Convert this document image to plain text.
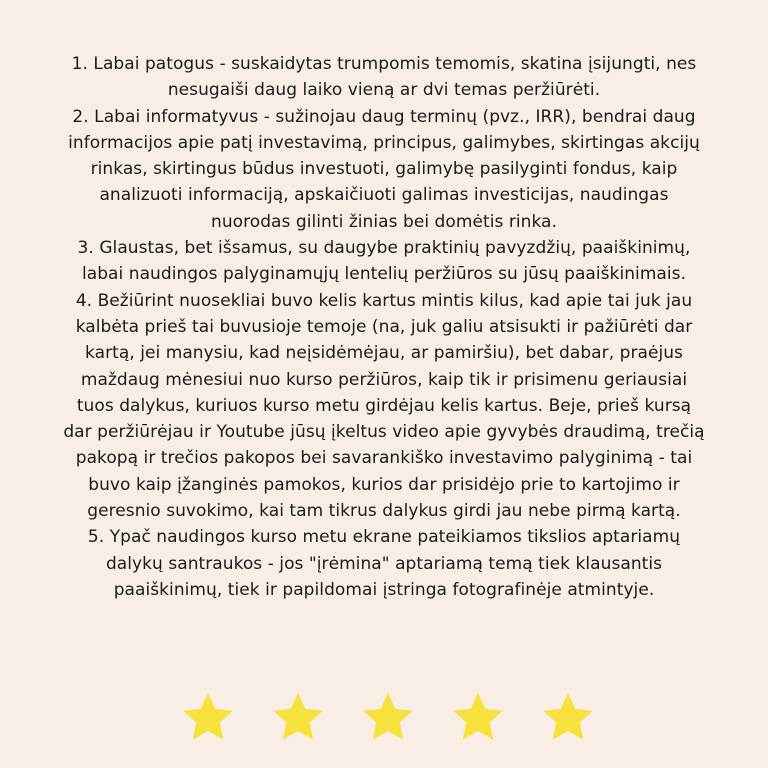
1. Labai patogus - suskaidytas trumpomis temomis, skatina įsijungti, nes nesugaiši daug laiko vieną ar dvi temas peržiūrėti.

2. Labai informatyvus - sužinojau daug terminų (pvz., IRR), bendrai daug informacijos apie patį investavimą, principus, galimybes, skirtingas akcijų rinkas, skirtingus būdus investuoti, galimybę pasilyginti fondus, kaip analizuoti informaciją, apskaičiuoti galimas investicijas, naudingas nuorodas gilinti žinias bei domėtis rinka.

3. Glaustas, bet išsamus, su daugybe praktinių pavyzdžių, paaiškinimų, labai naudingos palyginamųjų lentelių peržiūros su jūsų paaiškinimais.

4. Bežiūrint nuosekliai buvo kelis kartus mintis kilus, kad apie tai juk jau kalbėta prieš tai buvusioje temoje (na, juk galiu atsisukti ir pažiūrėti dar kartą, jei manysiu, kad neįsidėmėjau, ar pamiršiu), bet dabar, praėjus maždaug mėnesiui nuo kurso peržiūros, kaip tik ir prisimenu geriausiai tuos dalykus, kuriuos kurso metu girdėjau kelis kartus. Beje, prieš kursą dar peržiūrėjau ir Youtube jūsų įkeltus video apie gyvybės draudimą, trečią pakopą ir trečios pakopos bei savarankiško investavimo palyginimą - tai buvo kaip įžanginės pamokos, kurios dar prisidėjo prie to kartojimo ir geresnio suvokimo, kai tam tikrus dalykus girdi jau nebe pirmą kartą.

5. Ypač naudingos kurso metu ekrane pateikiamos tikslios aptariamų dalykų santraukos - jos "įrėmina" aptariamą temą tiek klausantis paaiškinimų, tiek ir papildomai įstringa fotografinėje atmintyje.
